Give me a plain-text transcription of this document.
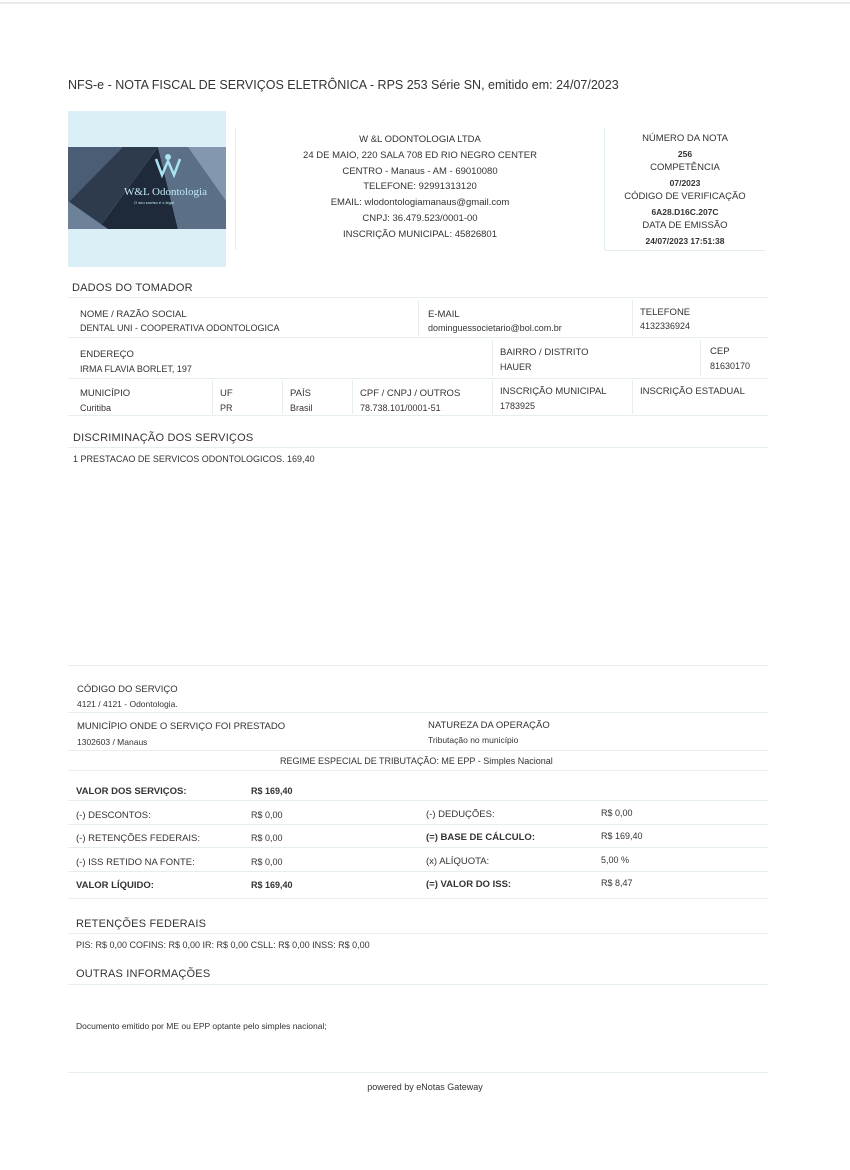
NFS-e - NOTA FISCAL DE SERVIÇOS ELETRÔNICA - RPS 253 Série SN, emitido em: 24/07/2023
W&L Odontologia
O seu sorriso é o legal
W &L ODONTOLOGIA LTDA
24 DE MAIO, 220 SALA 708 ED RIO NEGRO CENTER
CENTRO - Manaus - AM - 69010080
TELEFONE: 92991313120
EMAIL: wlodontologiamanaus@gmail.com
CNPJ: 36.479.523/0001-00
INSCRIÇÃO MUNICIPAL: 45826801
NÚMERO DA NOTA
256
COMPETÊNCIA
07/2023
CÓDIGO DE VERIFICAÇÃO
6A28.D16C.207C
DATA DE EMISSÃO
24/07/2023 17:51:38
DADOS DO TOMADOR
NOME / RAZÃO SOCIAL
DENTAL UNI - COOPERATIVA ODONTOLOGICA
E-MAIL
dominguessocietario@bol.com.br
TELEFONE
4132336924
ENDEREÇO
IRMA FLAVIA BORLET, 197
BAIRRO / DISTRITO
HAUER
CEP
81630170
MUNICÍPIO
Curitiba
UF
PR
PAÍS
Brasil
CPF / CNPJ / OUTROS
78.738.101/0001-51
INSCRIÇÃO MUNICIPAL
1783925
INSCRIÇÃO ESTADUAL
DISCRIMINAÇÃO DOS SERVIÇOS
1 PRESTACAO DE SERVICOS ODONTOLOGICOS. 169,40
CÓDIGO DO SERVIÇO
4121 / 4121 - Odontologia.
MUNICÍPIO ONDE O SERVIÇO FOI PRESTADO
1302603 / Manaus
NATUREZA DA OPERAÇÃO
Tributação no município
REGIME ESPECIAL DE TRIBUTAÇÃO: ME EPP - Simples Nacional
VALOR DOS SERVIÇOS:	R$ 169,40
(-) DESCONTOS:	R$ 0,00	(-) DEDUÇÕES:	R$ 0,00
(-) RETENÇÕES FEDERAIS:	R$ 0,00	(=) BASE DE CÁLCULO:	R$ 169,40
(-) ISS RETIDO NA FONTE:	R$ 0,00	(x) ALÍQUOTA:	5,00 %
VALOR LÍQUIDO:	R$ 169,40	(=) VALOR DO ISS:	R$ 8,47
RETENÇÕES FEDERAIS
PIS: R$ 0,00 COFINS: R$ 0,00 IR: R$ 0,00 CSLL: R$ 0,00 INSS: R$ 0,00
OUTRAS INFORMAÇÕES
Documento emitido por ME ou EPP optante pelo simples nacional;
powered by eNotas Gateway
